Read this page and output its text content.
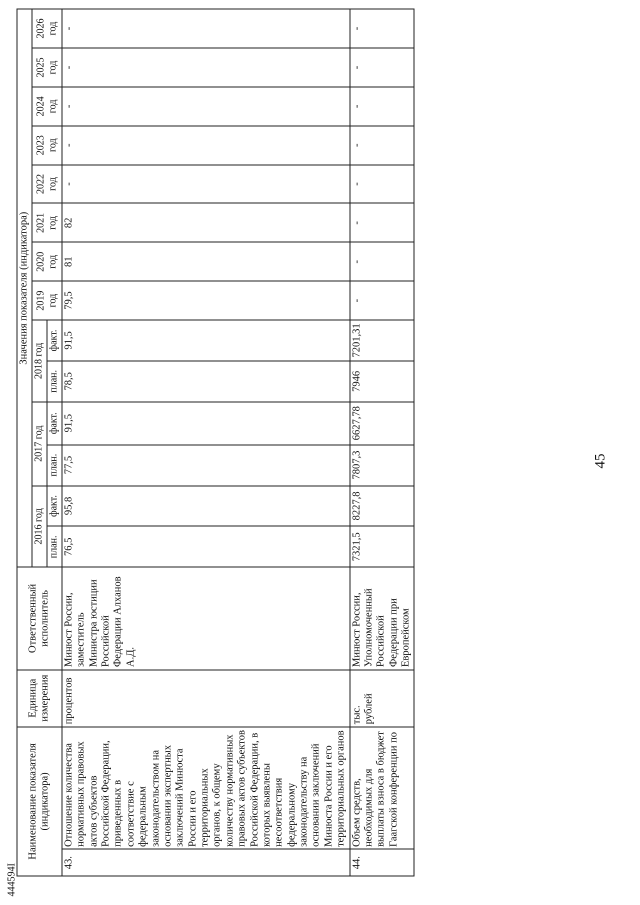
444594I
45
Наименование показателя (индикатора)		Единица измерения	Ответственный исполнитель	Значения показателя (индикатора)													
				2016 год		2017 год		2018 год		2019 год	2020 год	2021 год	2022 год	2023 год	2024 год	2025 год	2026 год
				план.	факт.	план.	факт.	план.	факт.								
43.	Отношение количества нормативных правовых актов субъектов Российской Федерации, приведенных в соответствие с федеральным законодательством на основании экспертных заключений Минюста России и его территориальных органов, к общему количеству нормативных правовых актов субъектов Российской Федерации, в которых выявлены несоответствия федеральному законодательству на основании заключений Минюста России и его территориальных органов	процентов	Минюст России, заместитель Министра юстиции Российской Федерации Алханов А.Д.	76,5	95,8	77,5	91,5	78,5	91,5	79,5	81	82	-	-	-	-	-
44.	Объем средств, необходимых для выплаты взноса в бюджет Гаагской конференции по	тыс. рублей	Минюст России, Уполномоченный Российской Федерации при Европейском	7321,5	8227,8	7807,3	6627,78	7946	7201,31	-	-	-	-	-	-	-	-
